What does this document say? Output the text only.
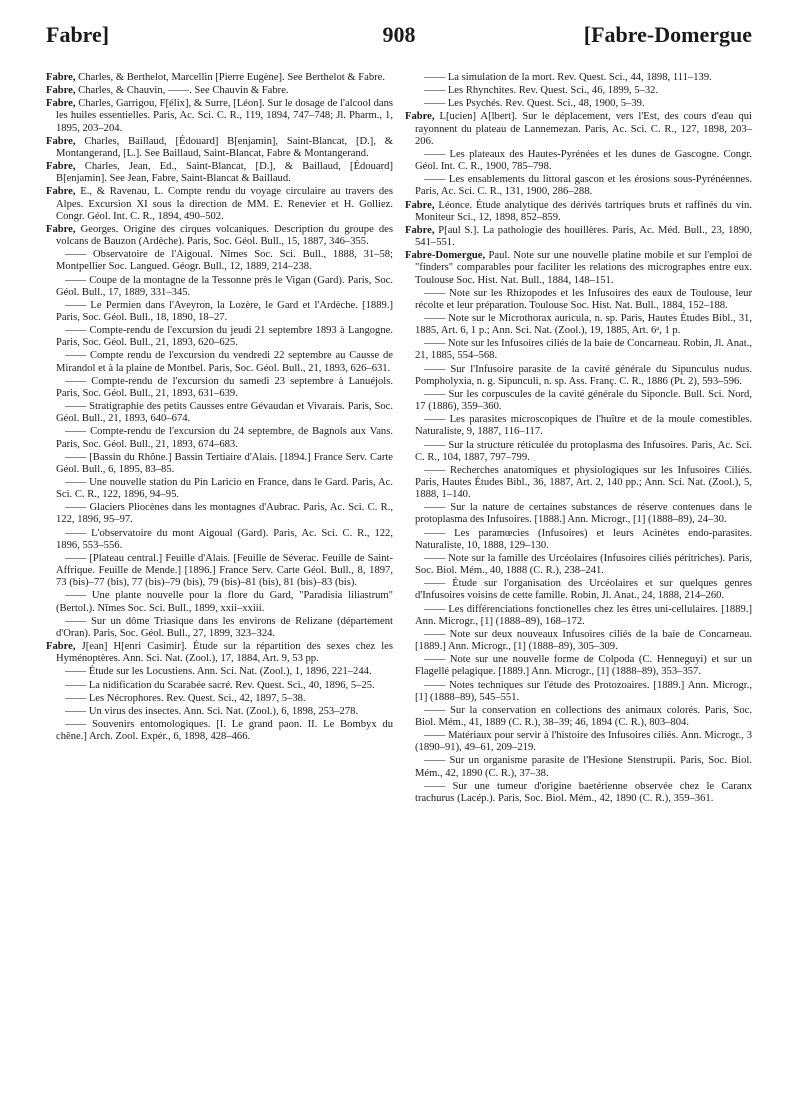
Fabre]	908	[Fabre-Domergue
Fabre, Charles, & Berthelot, Marcellin [Pierre Eugène]. See Berthelot & Fabre.
Fabre, Charles, & Chauvin, ——. See Chauvin & Fabre.
Fabre, Charles, Garrigou, F[élix], & Surre, [Léon]. Sur le dosage de l'alcool dans les huiles essentielles. Paris, Ac. Sci. C. R., 119, 1894, 747–748; Jl. Pharm., 1, 1895, 203–204.
Fabre, Charles, Baillaud, [Édouard] B[enjamin], Saint-Blancat, [D.], & Montangerand, [L.]. See Baillaud, Saint-Blancat, Fabre & Montangerand.
Fabre, Charles, Jean, Ed., Saint-Blancat, [D.], & Baillaud, [Édouard] B[enjamin]. See Jean, Fabre, Saint-Blancat & Baillaud.
Fabre, E., & Ravenau, L. Compte rendu du voyage circulaire au travers des Alpes. Excursion XI sous la direction de MM. E. Renevier et H. Golliez. Congr. Géol. Int. C. R., 1894, 490–502.
Fabre, Georges. Origine des cirques volcaniques. Description du groupe des volcans de Bauzon (Ardèche). Paris, Soc. Géol. Bull., 15, 1887, 346–355.
—— Observatoire de l'Aigoual. Nîmes Soc. Sci. Bull., 1888, 31–58; Montpellier Soc. Langued. Géogr. Bull., 12, 1889, 214–238.
—— Coupe de la montagne de la Tessonne près le Vigan (Gard). Paris, Soc. Géol. Bull., 17, 1889, 331–345.
—— Le Permien dans l'Aveyron, la Lozère, le Gard et l'Ardèche. [1889.] Paris, Soc. Géol. Bull., 18, 1890, 18–27.
—— Compte-rendu de l'excursion du jeudi 21 septembre 1893 à Langogne. Paris, Soc. Géol. Bull., 21, 1893, 620–625.
—— Compte rendu de l'excursion du vendredi 22 septembre au Causse de Mirandol et à la plaine de Montbel. Paris, Soc. Géol. Bull., 21, 1893, 626–631.
—— Compte-rendu de l'excursion du samedi 23 septembre à Lanuéjols. Paris, Soc. Géol. Bull., 21, 1893, 631–639.
—— Stratigraphie des petits Causses entre Gévaudan et Vivarais. Paris, Soc. Géol. Bull., 21, 1893, 640–674.
—— Compte-rendu de l'excursion du 24 septembre, de Bagnols aux Vans. Paris, Soc. Géol. Bull., 21, 1893, 674–683.
—— [Bassin du Rhône.] Bassin Tertiaire d'Alais. [1894.] France Serv. Carte Géol. Bull., 6, 1895, 83–85.
—— Une nouvelle station du Pin Laricio en France, dans le Gard. Paris, Ac. Sci. C. R., 122, 1896, 94–95.
—— Glaciers Pliocènes dans les montagnes d'Aubrac. Paris, Ac. Sci. C. R., 122, 1896, 95–97.
—— L'observatoire du mont Aigoual (Gard). Paris, Ac. Sci. C. R., 122, 1896, 553–556.
—— [Plateau central.] Feuille d'Alais. [Feuille de Séverac. Feuille de Saint-Affrique. Feuille de Mende.] [1896.] France Serv. Carte Géol. Bull., 8, 1897, 73 (bis)–77 (bis), 77 (bis)–79 (bis), 79 (bis)–81 (bis), 81 (bis)–83 (bis).
—— Une plante nouvelle pour la flore du Gard, "Paradisia liliastrum" (Bertol.). Nîmes Soc. Sci. Bull., 1899, xxii–xxiii.
—— Sur un dôme Triasique dans les environs de Relizane (département d'Oran). Paris, Soc. Géol. Bull., 27, 1899, 323–324.
Fabre, J[ean] H[enri Casimir]. Étude sur la répartition des sexes chez les Hyménoptères. Ann. Sci. Nat. (Zool.), 17, 1884, Art. 9, 53 pp.
—— Étude sur les Locustiens. Ann. Sci. Nat. (Zool.), 1, 1896, 221–244.
—— La nidification du Scarabée sacré. Rev. Quest. Sci., 40, 1896, 5–25.
—— Les Nécrophores. Rev. Quest. Sci., 42, 1897, 5–38.
—— Un virus des insectes. Ann. Sci. Nat. (Zool.), 6, 1898, 253–278.
—— Souvenirs entomologiques. [I. Le grand paon. II. Le Bombyx du chêne.] Arch. Zool. Expér., 6, 1898, 428–466.
—— La simulation de la mort. Rev. Quest. Sci., 44, 1898, 111–139.
—— Les Rhynchites. Rev. Quest. Sci., 46, 1899, 5–32.
—— Les Psychés. Rev. Quest. Sci., 48, 1900, 5–39.
Fabre, L[ucien] A[lbert]. Sur le déplacement, vers l'Est, des cours d'eau qui rayonnent du plateau de Lannemezan. Paris, Ac. Sci. C. R., 127, 1898, 203–206.
—— Les plateaux des Hautes-Pyrénées et les dunes de Gascogne. Congr. Géol. Int. C. R., 1900, 785–798.
—— Les ensablements du littoral gascon et les érosions sous-Pyrénéennes. Paris, Ac. Sci. C. R., 131, 1900, 286–288.
Fabre, Léonce. Étude analytique des dérivés tartriques bruts et raffinés du vin. Moniteur Sci., 12, 1898, 852–859.
Fabre, P[aul S.]. La pathologie des houillères. Paris, Ac. Méd. Bull., 23, 1890, 541–551.
Fabre-Domergue, Paul. Note sur une nouvelle platine mobile et sur l'emploi de "finders" comparables pour faciliter les relations des micrographes entre eux. Toulouse Soc. Hist. Nat. Bull., 1884, 148–151.
—— Note sur les Rhizopodes et les Infusoires des eaux de Toulouse, leur récolte et leur préparation. Toulouse Soc. Hist. Nat. Bull., 1884, 152–188.
—— Note sur le Microthorax auricula, n. sp. Paris, Hautes Études Bibl., 31, 1885, Art. 6, 1 p.; Ann. Sci. Nat. (Zool.), 19, 1885, Art. 6ᵃ, 1 p.
—— Note sur les Infusoires ciliés de la baie de Concarneau. Robin, Jl. Anat., 21, 1885, 554–568.
—— Sur l'Infusoire parasite de la cavité générale du Sipunculus nudus. Pompholyxia, n. g. Sipunculi, n. sp. Ass. Franç. C. R., 1886 (Pt. 2), 593–596.
—— Sur les corpuscules de la cavité générale du Siponcle. Bull. Sci. Nord, 17 (1886), 359–360.
—— Les parasites microscopiques de l'huître et de la moule comestibles. Naturaliste, 9, 1887, 116–117.
—— Sur la structure réticulée du protoplasma des Infusoires. Paris, Ac. Sci. C. R., 104, 1887, 797–799.
—— Recherches anatomiques et physiologiques sur les Infusoires Ciliés. Paris, Hautes Études Bibl., 36, 1887, Art. 2, 140 pp.; Ann. Sci. Nat. (Zool.), 5, 1888, 1–140.
—— Sur la nature de certaines substances de réserve contenues dans le protoplasma des Infusoires. [1888.] Ann. Microgr., [1] (1888–89), 24–30.
—— Les paramœcies (Infusoires) et leurs Acinètes endo-parasites. Naturaliste, 10, 1888, 129–130.
—— Note sur la famille des Urcéolaires (Infusoires ciliés péritriches). Paris, Soc. Biol. Mém., 40, 1888 (C. R.), 238–241.
—— Étude sur l'organisation des Urcéolaires et sur quelques genres d'Infusoires voisins de cette famille. Robin, Jl. Anat., 24, 1888, 214–260.
—— Les différenciations fonctionelles chez les êtres uni-cellulaires. [1889.] Ann. Microgr., [1] (1888–89), 168–172.
—— Note sur deux nouveaux Infusoires ciliés de la baie de Concarneau. [1889.] Ann. Microgr., [1] (1888–89), 305–309.
—— Note sur une nouvelle forme de Colpoda (C. Henneguyi) et sur un Flagellé pelagique. [1889.] Ann. Microgr., [1] (1888–89), 353–357.
—— Notes techniques sur l'étude des Protozoaires. [1889.] Ann. Microgr., [1] (1888–89), 545–551.
—— Sur la conservation en collections des animaux colorés. Paris, Soc. Biol. Mém., 41, 1889 (C. R.), 38–39; 46, 1894 (C. R.), 803–804.
—— Matériaux pour servir à l'histoire des Infusoires ciliés. Ann. Microgr., 3 (1890–91), 49–61, 209–219.
—— Sur un organisme parasite de l'Hesione Stenstrupii. Paris, Soc. Biol. Mém., 42, 1890 (C. R.), 37–38.
—— Sur une tumeur d'origine baetérienne observée chez le Caranx trachurus (Lacép.). Paris, Soc. Biol. Mém., 42, 1890 (C. R.), 359–361.
